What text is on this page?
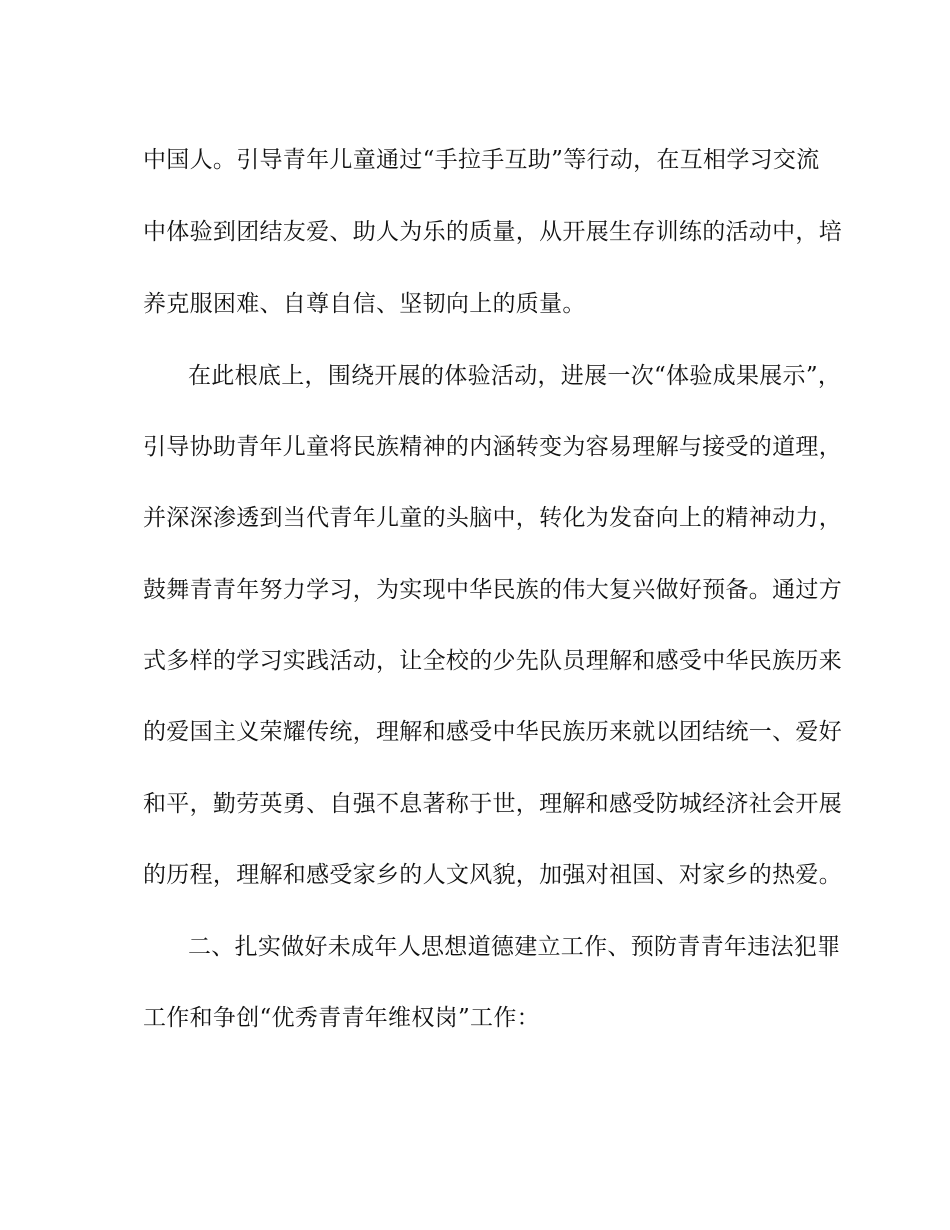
中国人。引导青年儿童通过“手拉手互助”等行动，在互相学习交流
中体验到团结友爱、助人为乐的质量，从开展生存训练的活动中，培
养克服困难、自尊自信、坚韧向上的质量。
在此根底上，围绕开展的体验活动，进展一次“体验成果展示”，
引导协助青年儿童将民族精神的内涵转变为容易理解与接受的道理，
并深深渗透到当代青年儿童的头脑中，转化为发奋向上的精神动力，
鼓舞青青年努力学习，为实现中华民族的伟大复兴做好预备。通过方
式多样的学习实践活动，让全校的少先队员理解和感受中华民族历来
的爱国主义荣耀传统，理解和感受中华民族历来就以团结统一、爱好
和平，勤劳英勇、自强不息著称于世，理解和感受防城经济社会开展
的历程，理解和感受家乡的人文风貌，加强对祖国、对家乡的热爱。
二、扎实做好未成年人思想道德建立工作、预防青青年违法犯罪
工作和争创“优秀青青年维权岗”工作：
